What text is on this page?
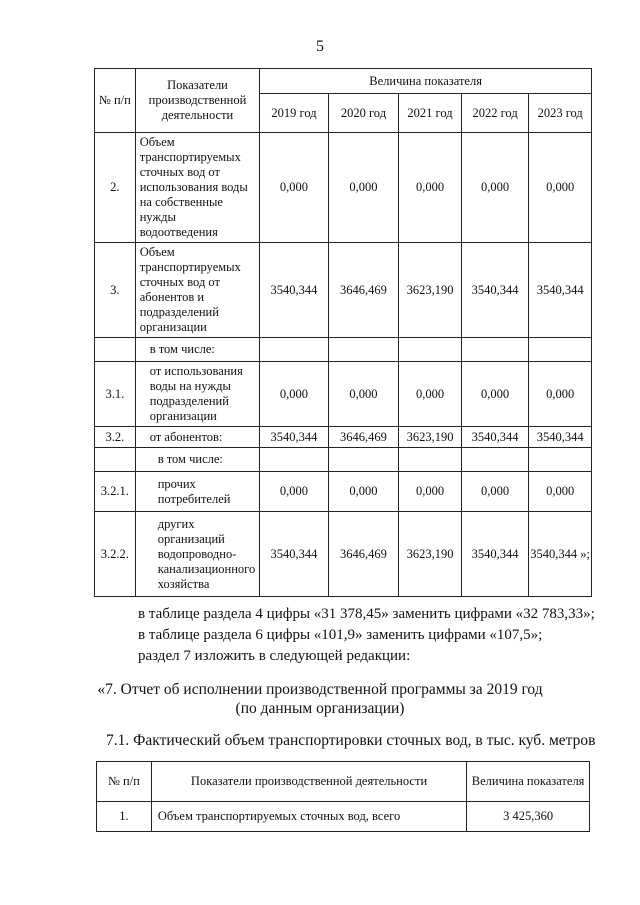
5
№ п/п	Показатели производственной деятельности	Величина показателя				
		2019 год	2020 год	2021 год	2022 год	2023 год
2.	Объем транспортируемых сточных вод от использования воды на собственные нужды водоотведения	0,000	0,000	0,000	0,000	0,000
3.	Объем транспортируемых сточных вод от абонентов и подразделений организации	3540,344	3646,469	3623,190	3540,344	3540,344
	в том числе:					
3.1.	от использования воды на нужды подразделений организации	0,000	0,000	0,000	0,000	0,000
3.2.	от абонентов:	3540,344	3646,469	3623,190	3540,344	3540,344
	в том числе:					
3.2.1.	прочих потребителей	0,000	0,000	0,000	0,000	0,000
3.2.2.	других организаций водопроводно-канализационного хозяйства	3540,344	3646,469	3623,190	3540,344	3540,344 »;
в таблице раздела 4 цифры «31 378,45» заменить цифрами «32 783,33»;
в таблице раздела 6 цифры «101,9» заменить цифрами «107,5»;
раздел 7 изложить в следующей редакции:
«7. Отчет об исполнении производственной программы за 2019 год
(по данным организации)
7.1. Фактический объем транспортировки сточных вод, в тыс. куб. метров
№ п/п	Показатели производственной деятельности	Величина показателя
1.	Объем транспортируемых сточных вод, всего	3 425,360
